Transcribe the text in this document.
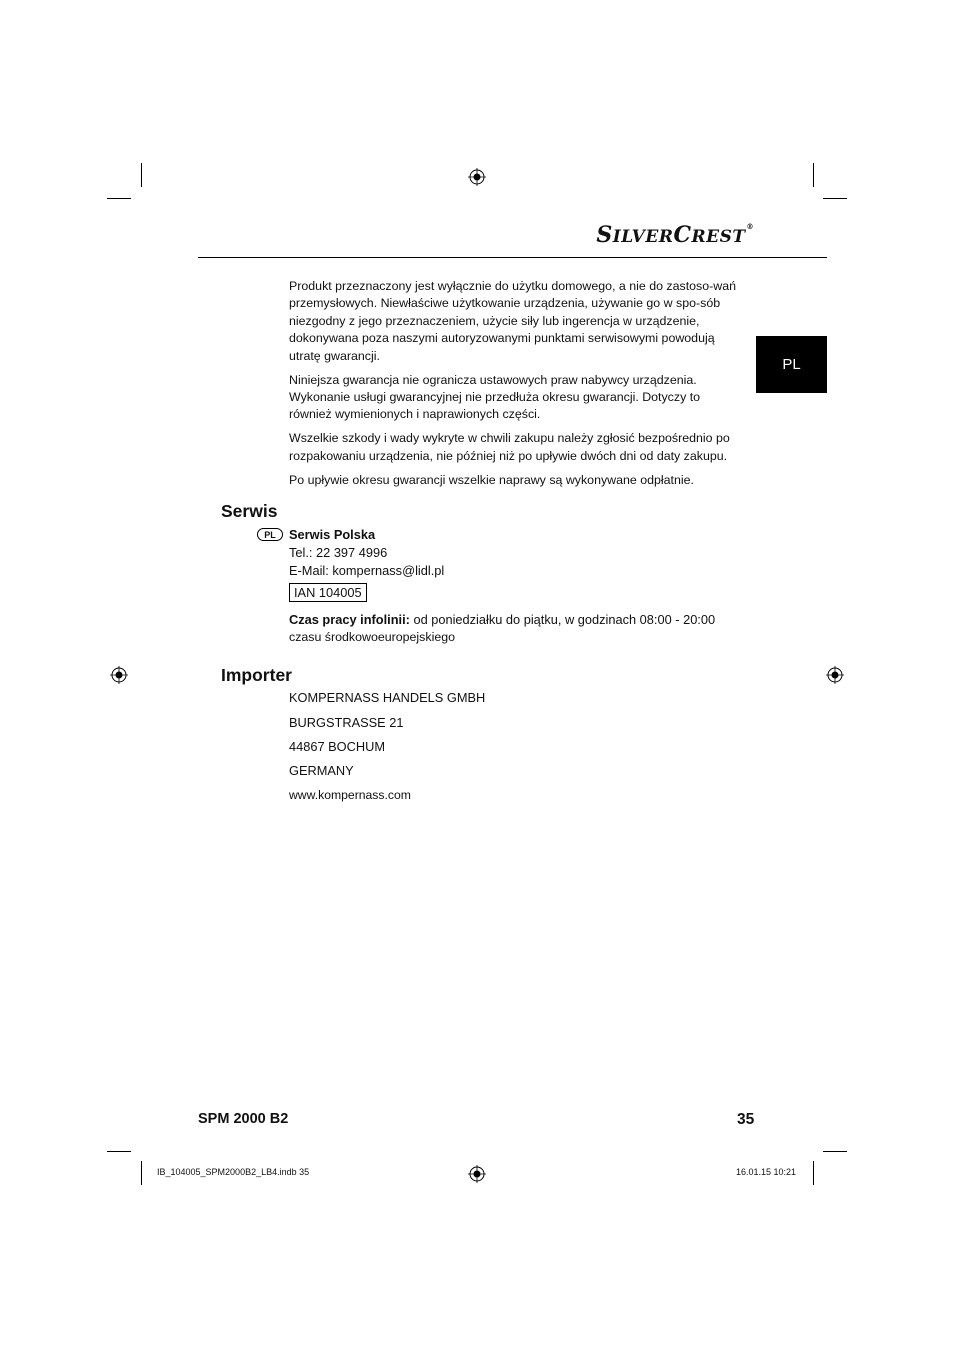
SILVERCREST®
PL

Produkt przeznaczony jest wyłącznie do użytku domowego, a nie do zastoso-wań przemysłowych. Niewłaściwe użytkowanie urządzenia, używanie go w spo-sób niezgodny z jego przeznaczeniem, użycie siły lub ingerencja w urządzenie, dokonywana poza naszymi autoryzowanymi punktami serwisowymi powodują utratę gwarancji.

Niniejsza gwarancja nie ogranicza ustawowych praw nabywcy urządzenia. Wykonanie usługi gwarancyjnej nie przedłuża okresu gwarancji. Dotyczy to również wymienionych i naprawionych części.

Wszelkie szkody i wady wykryte w chwili zakupu należy zgłosić bezpośrednio po rozpakowaniu urządzenia, nie później niż po upływie dwóch dni od daty zakupu.

Po upływie okresu gwarancji wszelkie naprawy są wykonywane odpłatnie.

Serwis
PL Serwis Polska
Tel.: 22 397 4996
E-Mail: kompernass@lidl.pl
IAN 104005
Czas pracy infolinii: od poniedziałku do piątku, w godzinach 08:00 - 20:00
czasu środkowoeuropejskiego
Importer
KOMPERNASS HANDELS GMBH
BURGSTRASSE 21
44867 BOCHUM
GERMANY
www.kompernass.com
SPM 2000 B2	35
IB_104005_SPM2000B2_LB4.indb 35	16.01.15 10:21
